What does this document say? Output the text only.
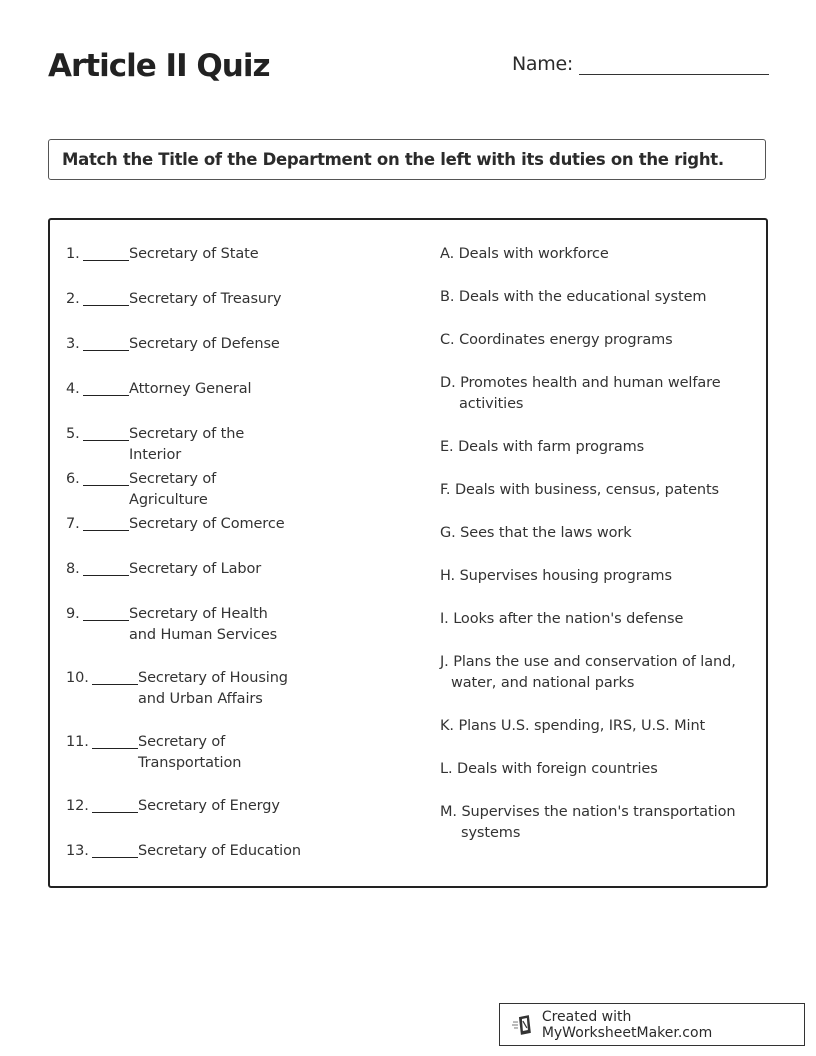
Article II Quiz	Name:
Match the Title of the Department on the left with its duties on the right.
1.	Secretary of State
2.	Secretary of Treasury
3.	Secretary of Defense
4.	Attorney General
5.	Secretary of the Interior
6.	Secretary of Agriculture
7.	Secretary of Comerce
8.	Secretary of Labor
9.	Secretary of Health and Human Services
10.	Secretary of Housing and Urban Affairs
11.	Secretary of Transportation
12.	Secretary of Energy
13.	Secretary of Education
A. Deals with workforce
B. Deals with the educational system
C. Coordinates energy programs
D. Promotes health and human welfare
activities
E. Deals with farm programs
F. Deals with business, census, patents
G. Sees that the laws work
H. Supervises housing programs
I. Looks after the nation's defense
J. Plans the use and conservation of land,
water, and national parks
K. Plans U.S. spending, IRS, U.S. Mint
L. Deals with foreign countries
M. Supervises the nation's transportation
systems
Created with MyWorksheetMaker.com
